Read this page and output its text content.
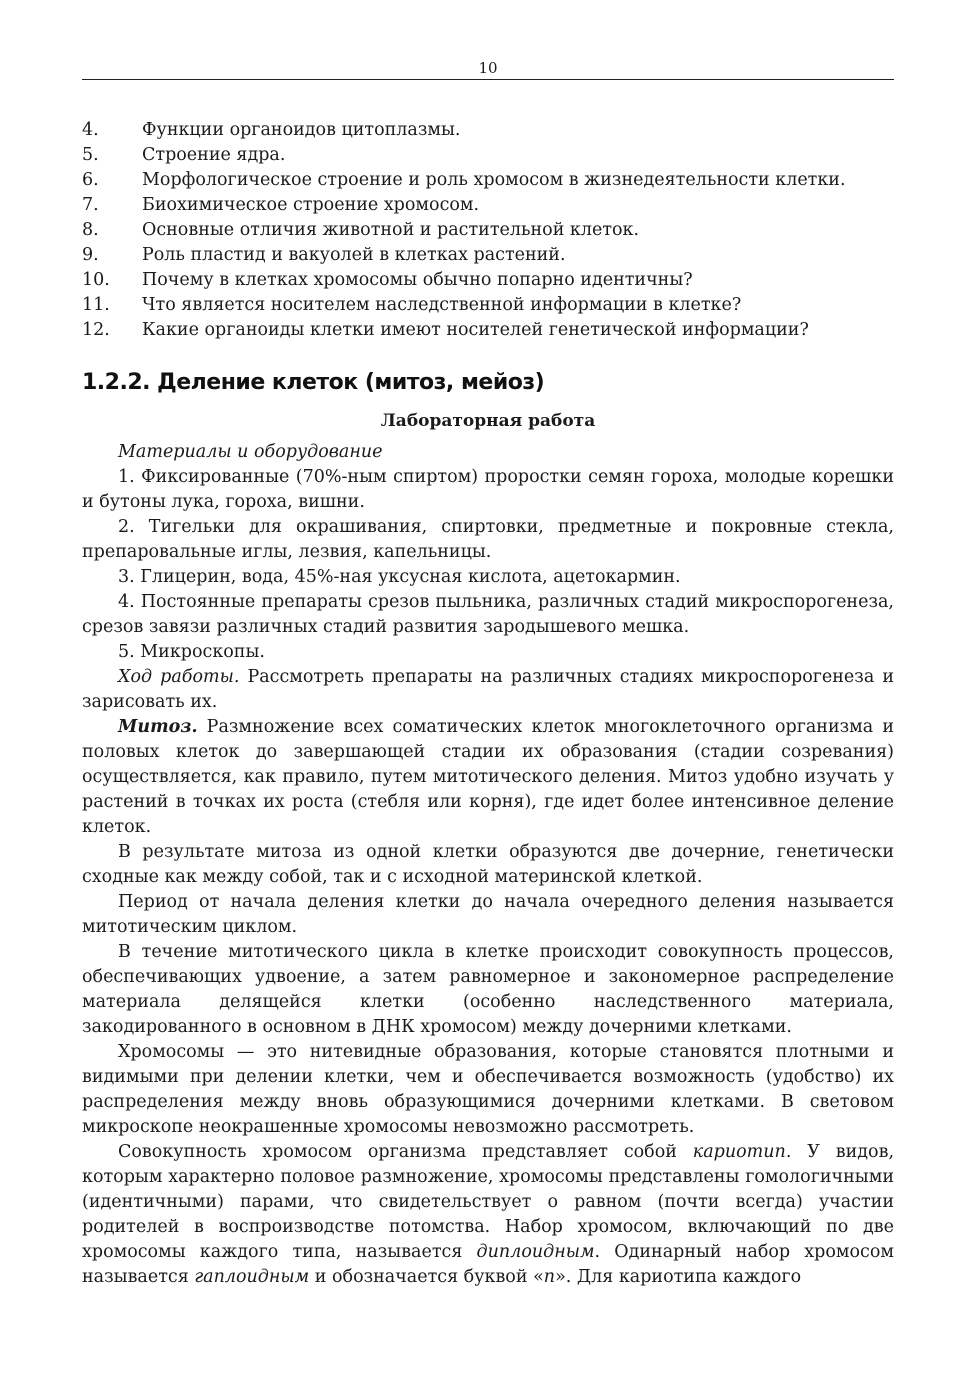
10
4.	Функции органоидов цитоплазмы.
5.	Строение ядра.
6.	Морфологическое строение и роль хромосом в жизнедеятельности клетки.
7.	Биохимическое строение хромосом.
8.	Основные отличия животной и растительной клеток.
9.	Роль пластид и вакуолей в клетках растений.
10.	Почему в клетках хромосомы обычно попарно идентичны?
11.	Что является носителем наследственной информации в клетке?
12.	Какие органоиды клетки имеют носителей генетической информации?
1.2.2. Деление клеток (митоз, мейоз)
Лабораторная работа

Материалы и оборудование

1. Фиксированные (70%-ным спиртом) проростки семян гороха, молодые корешки и бутоны лука, гороха, вишни.

2. Тигельки для окрашивания, спиртовки, предметные и покровные стекла, препаровальные иглы, лезвия, капельницы.

3. Глицерин, вода, 45%-ная уксусная кислота, ацетокармин.

4. Постоянные препараты срезов пыльника, различных стадий микроспорогенеза, срезов завязи различных стадий развития зародышевого мешка.

5. Микроскопы.

Ход работы. Рассмотреть препараты на различных стадиях микроспорогенеза и зарисовать их.

Митоз. Размножение всех соматических клеток многоклеточного организма и половых клеток до завершающей стадии их образования (стадии созревания) осуществляется, как правило, путем митотического деления. Митоз удобно изучать у растений в точках их роста (стебля или корня), где идет более интенсивное деление клеток.

В результате митоза из одной клетки образуются две дочерние, генетически сходные как между собой, так и с исходной материнской клеткой.

Период от начала деления клетки до начала очередного деления называется митотическим циклом.

В течение митотического цикла в клетке происходит совокупность процессов, обеспечивающих удвоение, а затем равномерное и закономерное распределение материала делящейся клетки (особенно наследственного материала, закодированного в основном в ДНК хромосом) между дочерними клетками.

Хромосомы — это нитевидные образования, которые становятся плотными и видимыми при делении клетки, чем и обеспечивается возможность (удобство) их распределения между вновь образующимися дочерними клетками. В световом микроскопе неокрашенные хромосомы невозможно рассмотреть.

Совокупность хромосом организма представляет собой кариотип. У видов, которым характерно половое размножение, хромосомы представлены гомологичными (идентичными) парами, что свидетельствует о равном (почти всегда) участии родителей в воспроизводстве потомства. Набор хромосом, включающий по две хромосомы каждого типа, называется диплоидным. Одинарный набор хромосом называется гаплоидным и обозначается буквой «n». Для кариотипа каждого
